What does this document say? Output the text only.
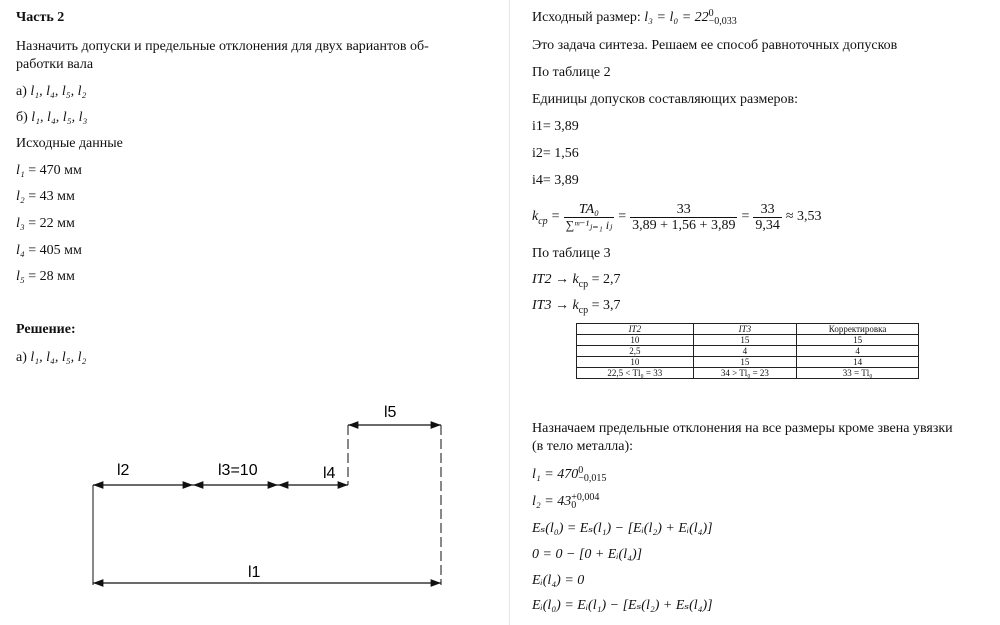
Часть 2
Назначить допуски и предельные отклонения для двух вариантов об-
работки вала
а) l₁, l₄, l₅, l₂
б) l₁, l₄, l₅, l₃
Исходные данные
l₁ = 470 мм
l₂ = 43 мм
l₃ = 22 мм
l₄ = 405 мм
l₅ = 28 мм
Решение:
а) l₁, l₄, l₅, l₂
l5
l2	l3=10	l4
l1
Исходный размер: l₃ = l₀ = 22 0
−0,033
Это задача синтеза. Решаем ее способ равноточных допусков
По таблице 2
Единицы допусков составляющих размеров:
i1= 3,89
i2= 1,56
i4= 3,89
$k_{cp} = \frac{\text{TA₀}}{\text{∑ᵐ⁻¹ⱼ₌₁ iⱼ}} = \frac{33}{3,89 + 1,56 + 3,89} = \frac{33}{9,34} \approx 3,53$
По таблице 3
$IT2 \to k_{ср} = 2,7$
$IT3 \to k_{ср} = 3,7$
IT2	IT3	Корректировка
10	15	15
2,5	4	4
10	15	14
22,5 < Tl₀ = 33	34 > Tl₀ = 23	33 = Tl₀
Назначаем предельные отклонения на все размеры кроме звена увязки
(в тело металла):
l₁ = 470 0
−0,015
l₂ = 43 +0,004
0
Eₛ(l₀) = Eₛ(l₁) − [Eᵢ(l₂) + Eᵢ(l₄)]
0 = 0 − [0 + Eᵢ(l₄)]
Eᵢ(l₄) = 0
Eᵢ(l₀) = Eᵢ(l₁) − [Eₛ(l₂) + Eₛ(l₄)]
